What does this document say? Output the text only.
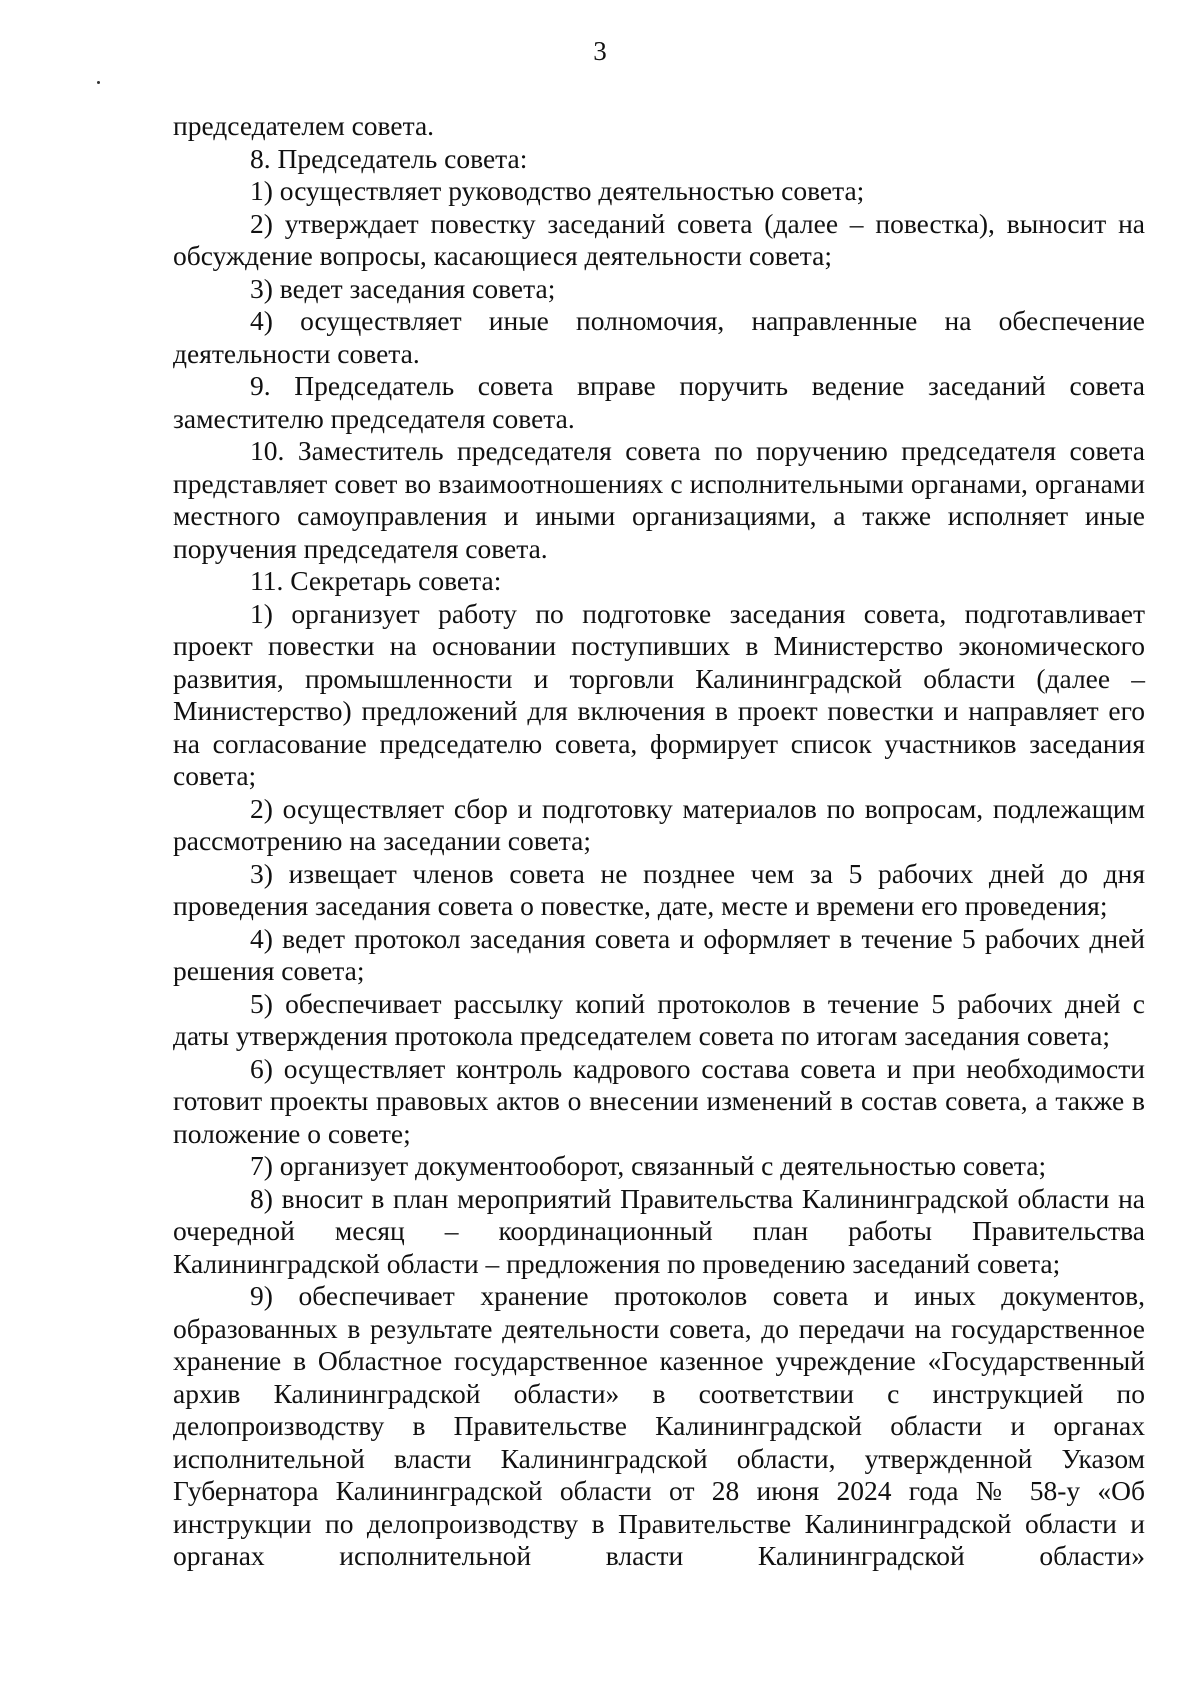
3

председателем совета.

8. Председатель совета:

1) осуществляет руководство деятельностью совета;

2) утверждает повестку заседаний совета (далее – повестка), выносит на обсуждение вопросы, касающиеся деятельности совета;

3) ведет заседания совета;

4) осуществляет иные полномочия, направленные на обеспечение деятельности совета.

9. Председатель совета вправе поручить ведение заседаний совета заместителю председателя совета.

10. Заместитель председателя совета по поручению председателя совета представляет совет во взаимоотношениях с исполнительными органами, органами местного самоуправления и иными организациями, а также исполняет иные поручения председателя совета.

11. Секретарь совета:

1) организует работу по подготовке заседания совета, подготавливает проект повестки на основании поступивших в Министерство экономического развития, промышленности и торговли Калининградской области (далее – Министерство) предложений для включения в проект повестки и направляет его на согласование председателю совета, формирует список участников заседания совета;

2) осуществляет сбор и подготовку материалов по вопросам, подлежащим рассмотрению на заседании совета;

3) извещает членов совета не позднее чем за 5 рабочих дней до дня проведения заседания совета о повестке, дате, месте и времени его проведения;

4) ведет протокол заседания совета и оформляет в течение 5 рабочих дней решения совета;

5) обеспечивает рассылку копий протоколов в течение 5 рабочих дней с даты утверждения протокола председателем совета по итогам заседания совета;

6) осуществляет контроль кадрового состава совета и при необходимости готовит проекты правовых актов о внесении изменений в состав совета, а также в положение о совете;

7) организует документооборот, связанный с деятельностью совета;

8) вносит в план мероприятий Правительства Калининградской области на очередной месяц – координационный план работы Правительства Калининградской области – предложения по проведению заседаний совета;

9) обеспечивает хранение протоколов совета и иных документов, образованных в результате деятельности совета, до передачи на государственное хранение в Областное государственное казенное учреждение «Государственный архив Калининградской области» в соответствии с инструкцией по делопроизводству в Правительстве Калининградской области и органах исполнительной власти Калининградской области, утвержденной Указом Губернатора Калининградской области от 28 июня 2024 года № 58-у «Об инструкции по делопроизводству в Правительстве Калининградской области и органах исполнительной власти Калининградской области»
